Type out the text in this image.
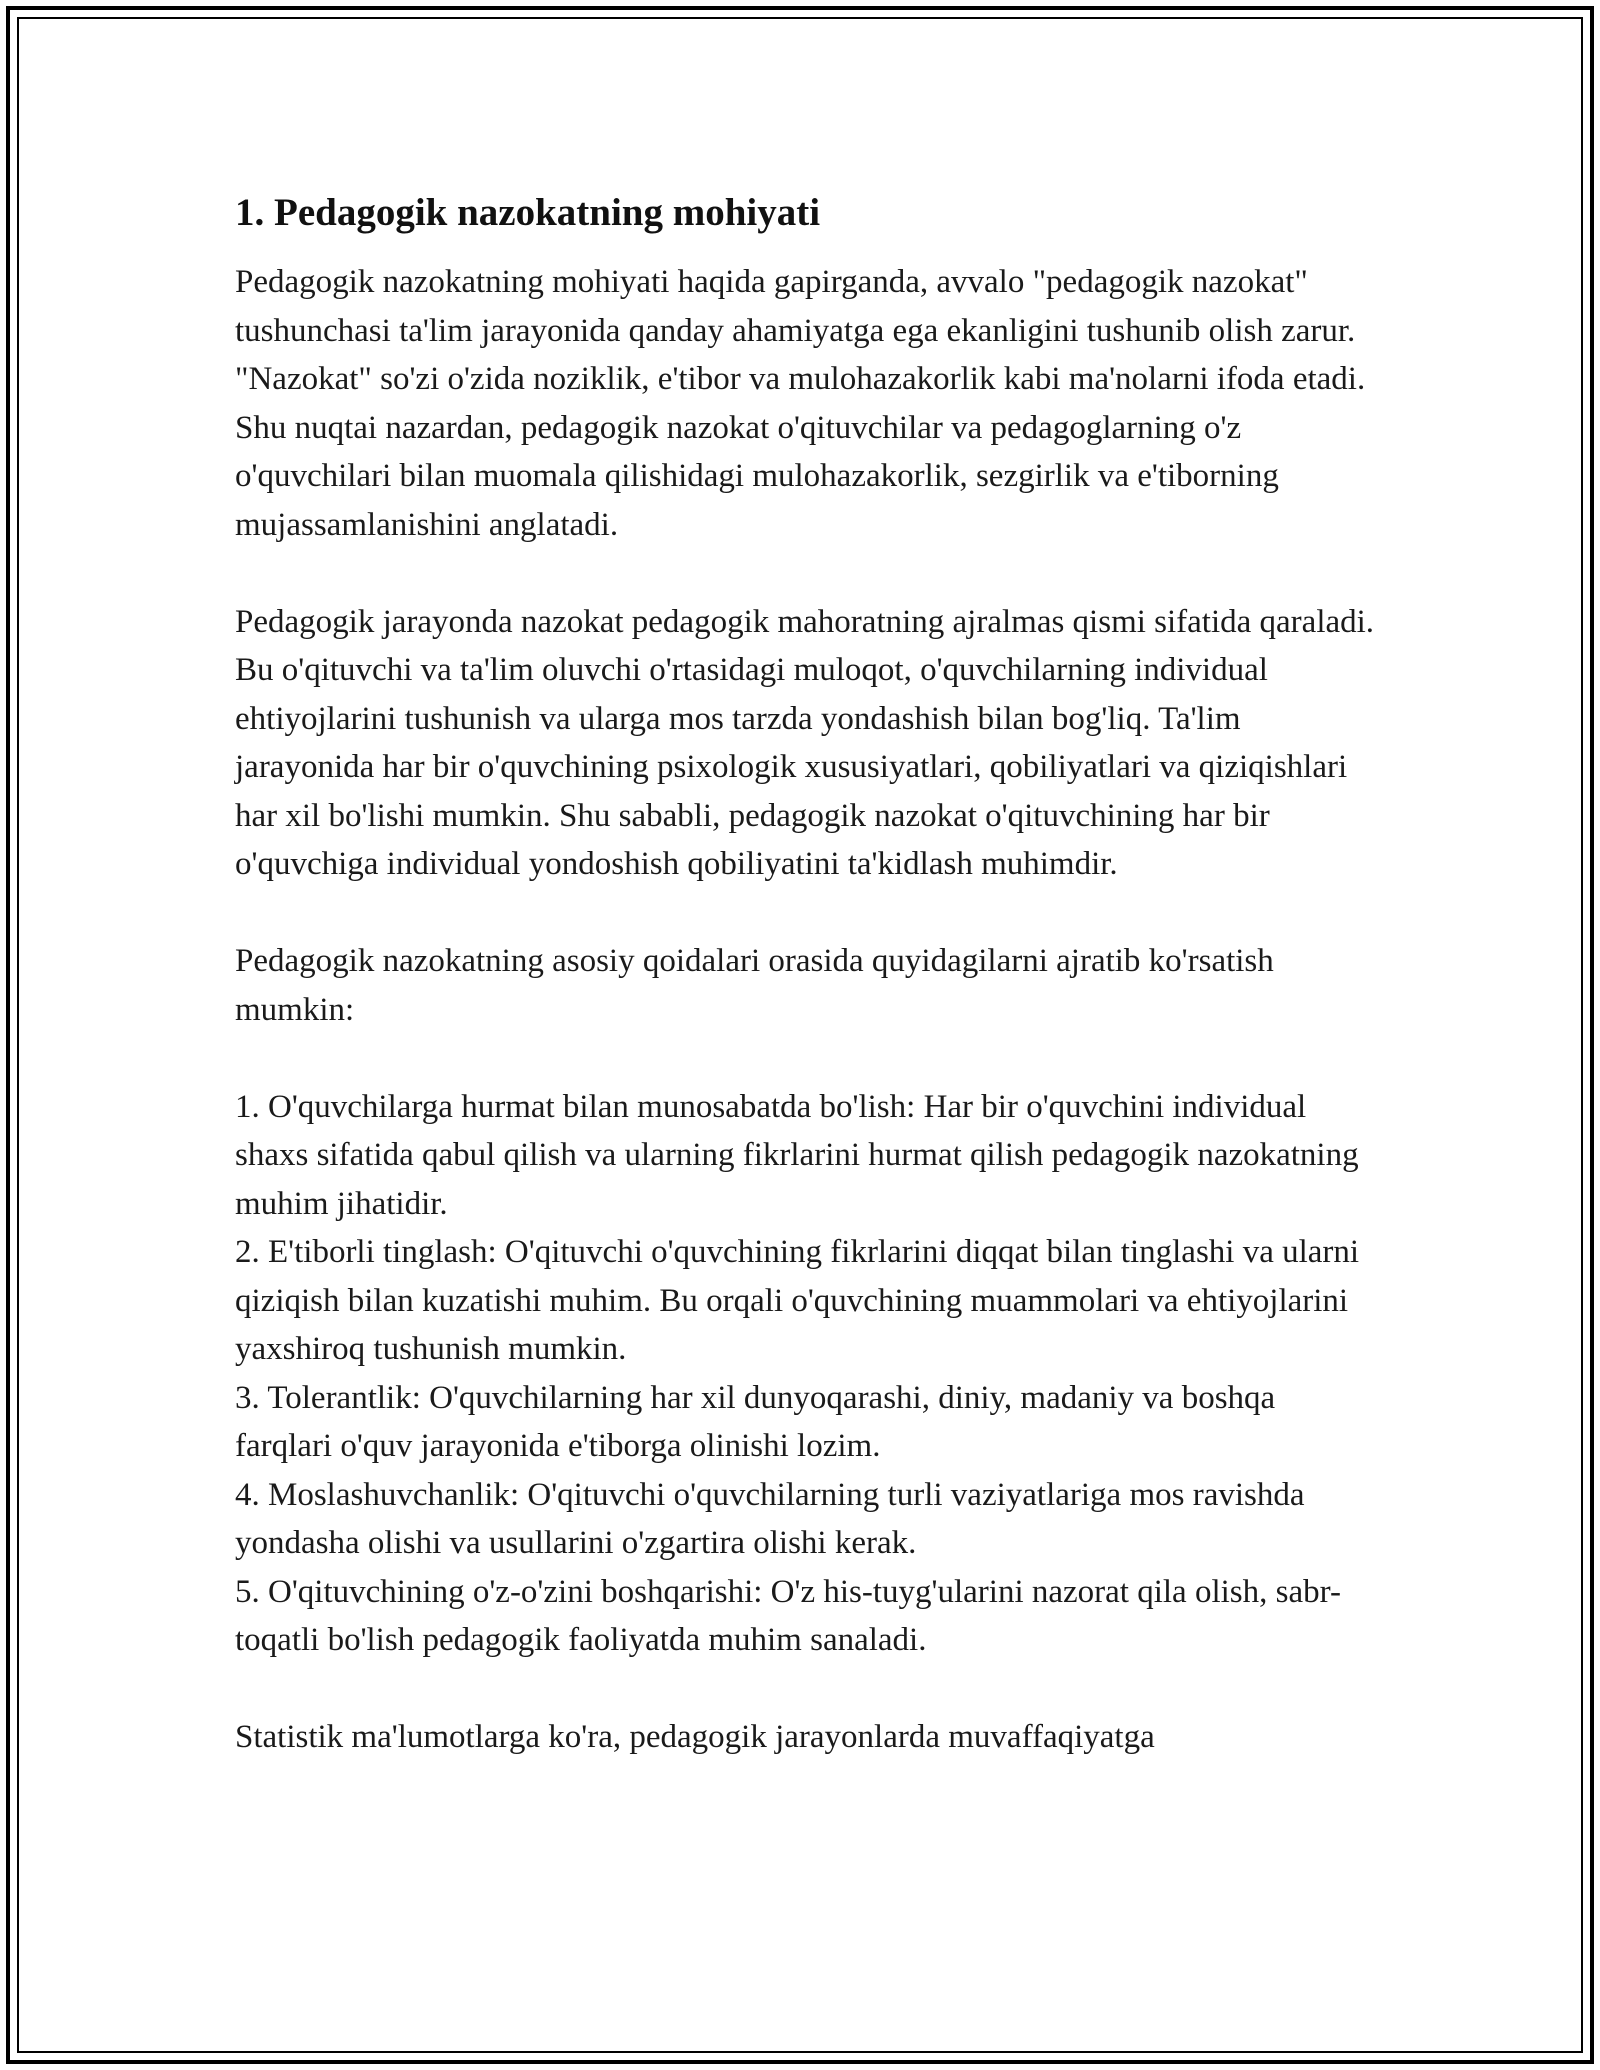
1. Pedagogik nazokatning mohiyati

Pedagogik nazokatning mohiyati haqida gapirganda, avvalo "pedagogik nazokat" tushunchasi ta'lim jarayonida qanday ahamiyatga ega ekanligini tushunib olish zarur. "Nazokat" so'zi o'zida noziklik, e'tibor va mulohazakorlik kabi ma'nolarni ifoda etadi. Shu nuqtai nazardan, pedagogik nazokat o'qituvchilar va pedagoglarning o'z o'quvchilari bilan muomala qilishidagi mulohazakorlik, sezgirlik va e'tiborning mujassamlanishini anglatadi.

Pedagogik jarayonda nazokat pedagogik mahoratning ajralmas qismi sifatida qaraladi. Bu o'qituvchi va ta'lim oluvchi o'rtasidagi muloqot, o'quvchilarning individual ehtiyojlarini tushunish va ularga mos tarzda yondashish bilan bog'liq. Ta'lim jarayonida har bir o'quvchining psixologik xususiyatlari, qobiliyatlari va qiziqishlari har xil bo'lishi mumkin. Shu sababli, pedagogik nazokat o'qituvchining har bir o'quvchiga individual yondoshish qobiliyatini ta'kidlash muhimdir.

Pedagogik nazokatning asosiy qoidalari orasida quyidagilarni ajratib ko'rsatish mumkin:

1. O'quvchilarga hurmat bilan munosabatda bo'lish: Har bir o'quvchini individual shaxs sifatida qabul qilish va ularning fikrlarini hurmat qilish pedagogik nazokatning muhim jihatidir.

2. E'tiborli tinglash: O'qituvchi o'quvchining fikrlarini diqqat bilan tinglashi va ularni qiziqish bilan kuzatishi muhim. Bu orqali o'quvchining muammolari va ehtiyojlarini yaxshiroq tushunish mumkin.

3. Tolerantlik: O'quvchilarning har xil dunyoqarashi, diniy, madaniy va boshqa farqlari o'quv jarayonida e'tiborga olinishi lozim.

4. Moslashuvchanlik: O'qituvchi o'quvchilarning turli vaziyatlariga mos ravishda yondasha olishi va usullarini o'zgartira olishi kerak.

5. O'qituvchining o'z-o'zini boshqarishi: O'z his-tuyg'ularini nazorat qila olish, sabr-toqatli bo'lish pedagogik faoliyatda muhim sanaladi.

Statistik ma'lumotlarga ko'ra, pedagogik jarayonlarda muvaffaqiyatga
